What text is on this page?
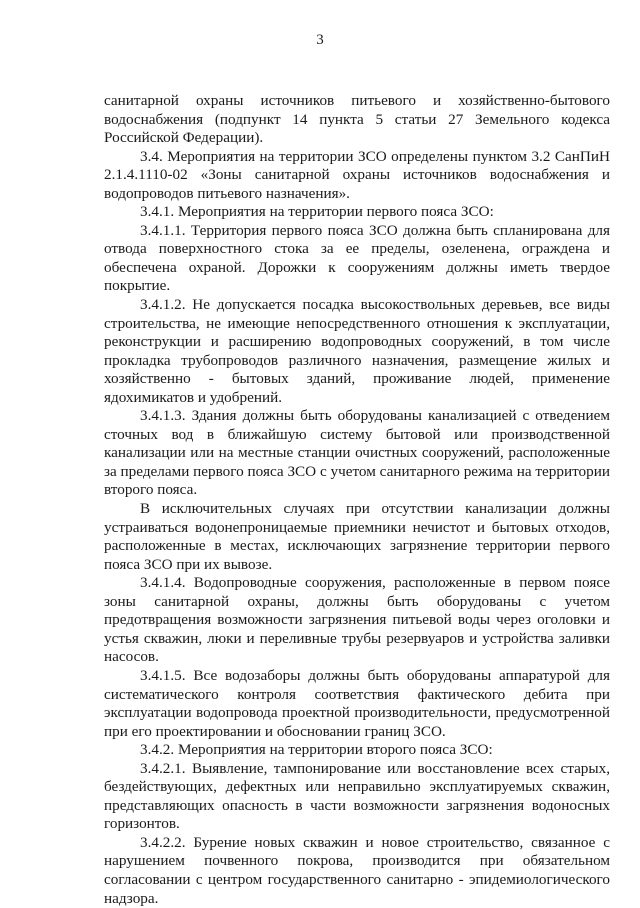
3

санитарной охраны источников питьевого и хозяйственно-бытового водоснабжения (подпункт 14 пункта 5 статьи 27 Земельного кодекса Российской Федерации).

3.4. Мероприятия на территории ЗСО определены пунктом 3.2 СанПиН 2.1.4.1110-02 «Зоны санитарной охраны источников водоснабжения и водопроводов питьевого назначения».

3.4.1. Мероприятия на территории первого пояса ЗСО:

3.4.1.1. Территория первого пояса ЗСО должна быть спланирована для отвода поверхностного стока за ее пределы, озеленена, ограждена и обеспечена охраной. Дорожки к сооружениям должны иметь твердое покрытие.

3.4.1.2. Не допускается посадка высокоствольных деревьев, все виды строительства, не имеющие непосредственного отношения к эксплуатации, реконструкции и расширению водопроводных сооружений, в том числе прокладка трубопроводов различного назначения, размещение жилых и хозяйственно - бытовых зданий, проживание людей, применение ядохимикатов и удобрений.

3.4.1.3. Здания должны быть оборудованы канализацией с отведением сточных вод в ближайшую систему бытовой или производственной канализации или на местные станции очистных сооружений, расположенные за пределами первого пояса ЗСО с учетом санитарного режима на территории второго пояса.

В исключительных случаях при отсутствии канализации должны устраиваться водонепроницаемые приемники нечистот и бытовых отходов, расположенные в местах, исключающих загрязнение территории первого пояса ЗСО при их вывозе.

3.4.1.4. Водопроводные сооружения, расположенные в первом поясе зоны санитарной охраны, должны быть оборудованы с учетом предотвращения возможности загрязнения питьевой воды через оголовки и устья скважин, люки и переливные трубы резервуаров и устройства заливки насосов.

3.4.1.5. Все водозаборы должны быть оборудованы аппаратурой для систематического контроля соответствия фактического дебита при эксплуатации водопровода проектной производительности, предусмотренной при его проектировании и обосновании границ ЗСО.

3.4.2. Мероприятия на территории второго пояса ЗСО:

3.4.2.1. Выявление, тампонирование или восстановление всех старых, бездействующих, дефектных или неправильно эксплуатируемых скважин, представляющих опасность в части возможности загрязнения водоносных горизонтов.

3.4.2.2. Бурение новых скважин и новое строительство, связанное с нарушением почвенного покрова, производится при обязательном согласовании с центром государственного санитарно - эпидемиологического надзора.
